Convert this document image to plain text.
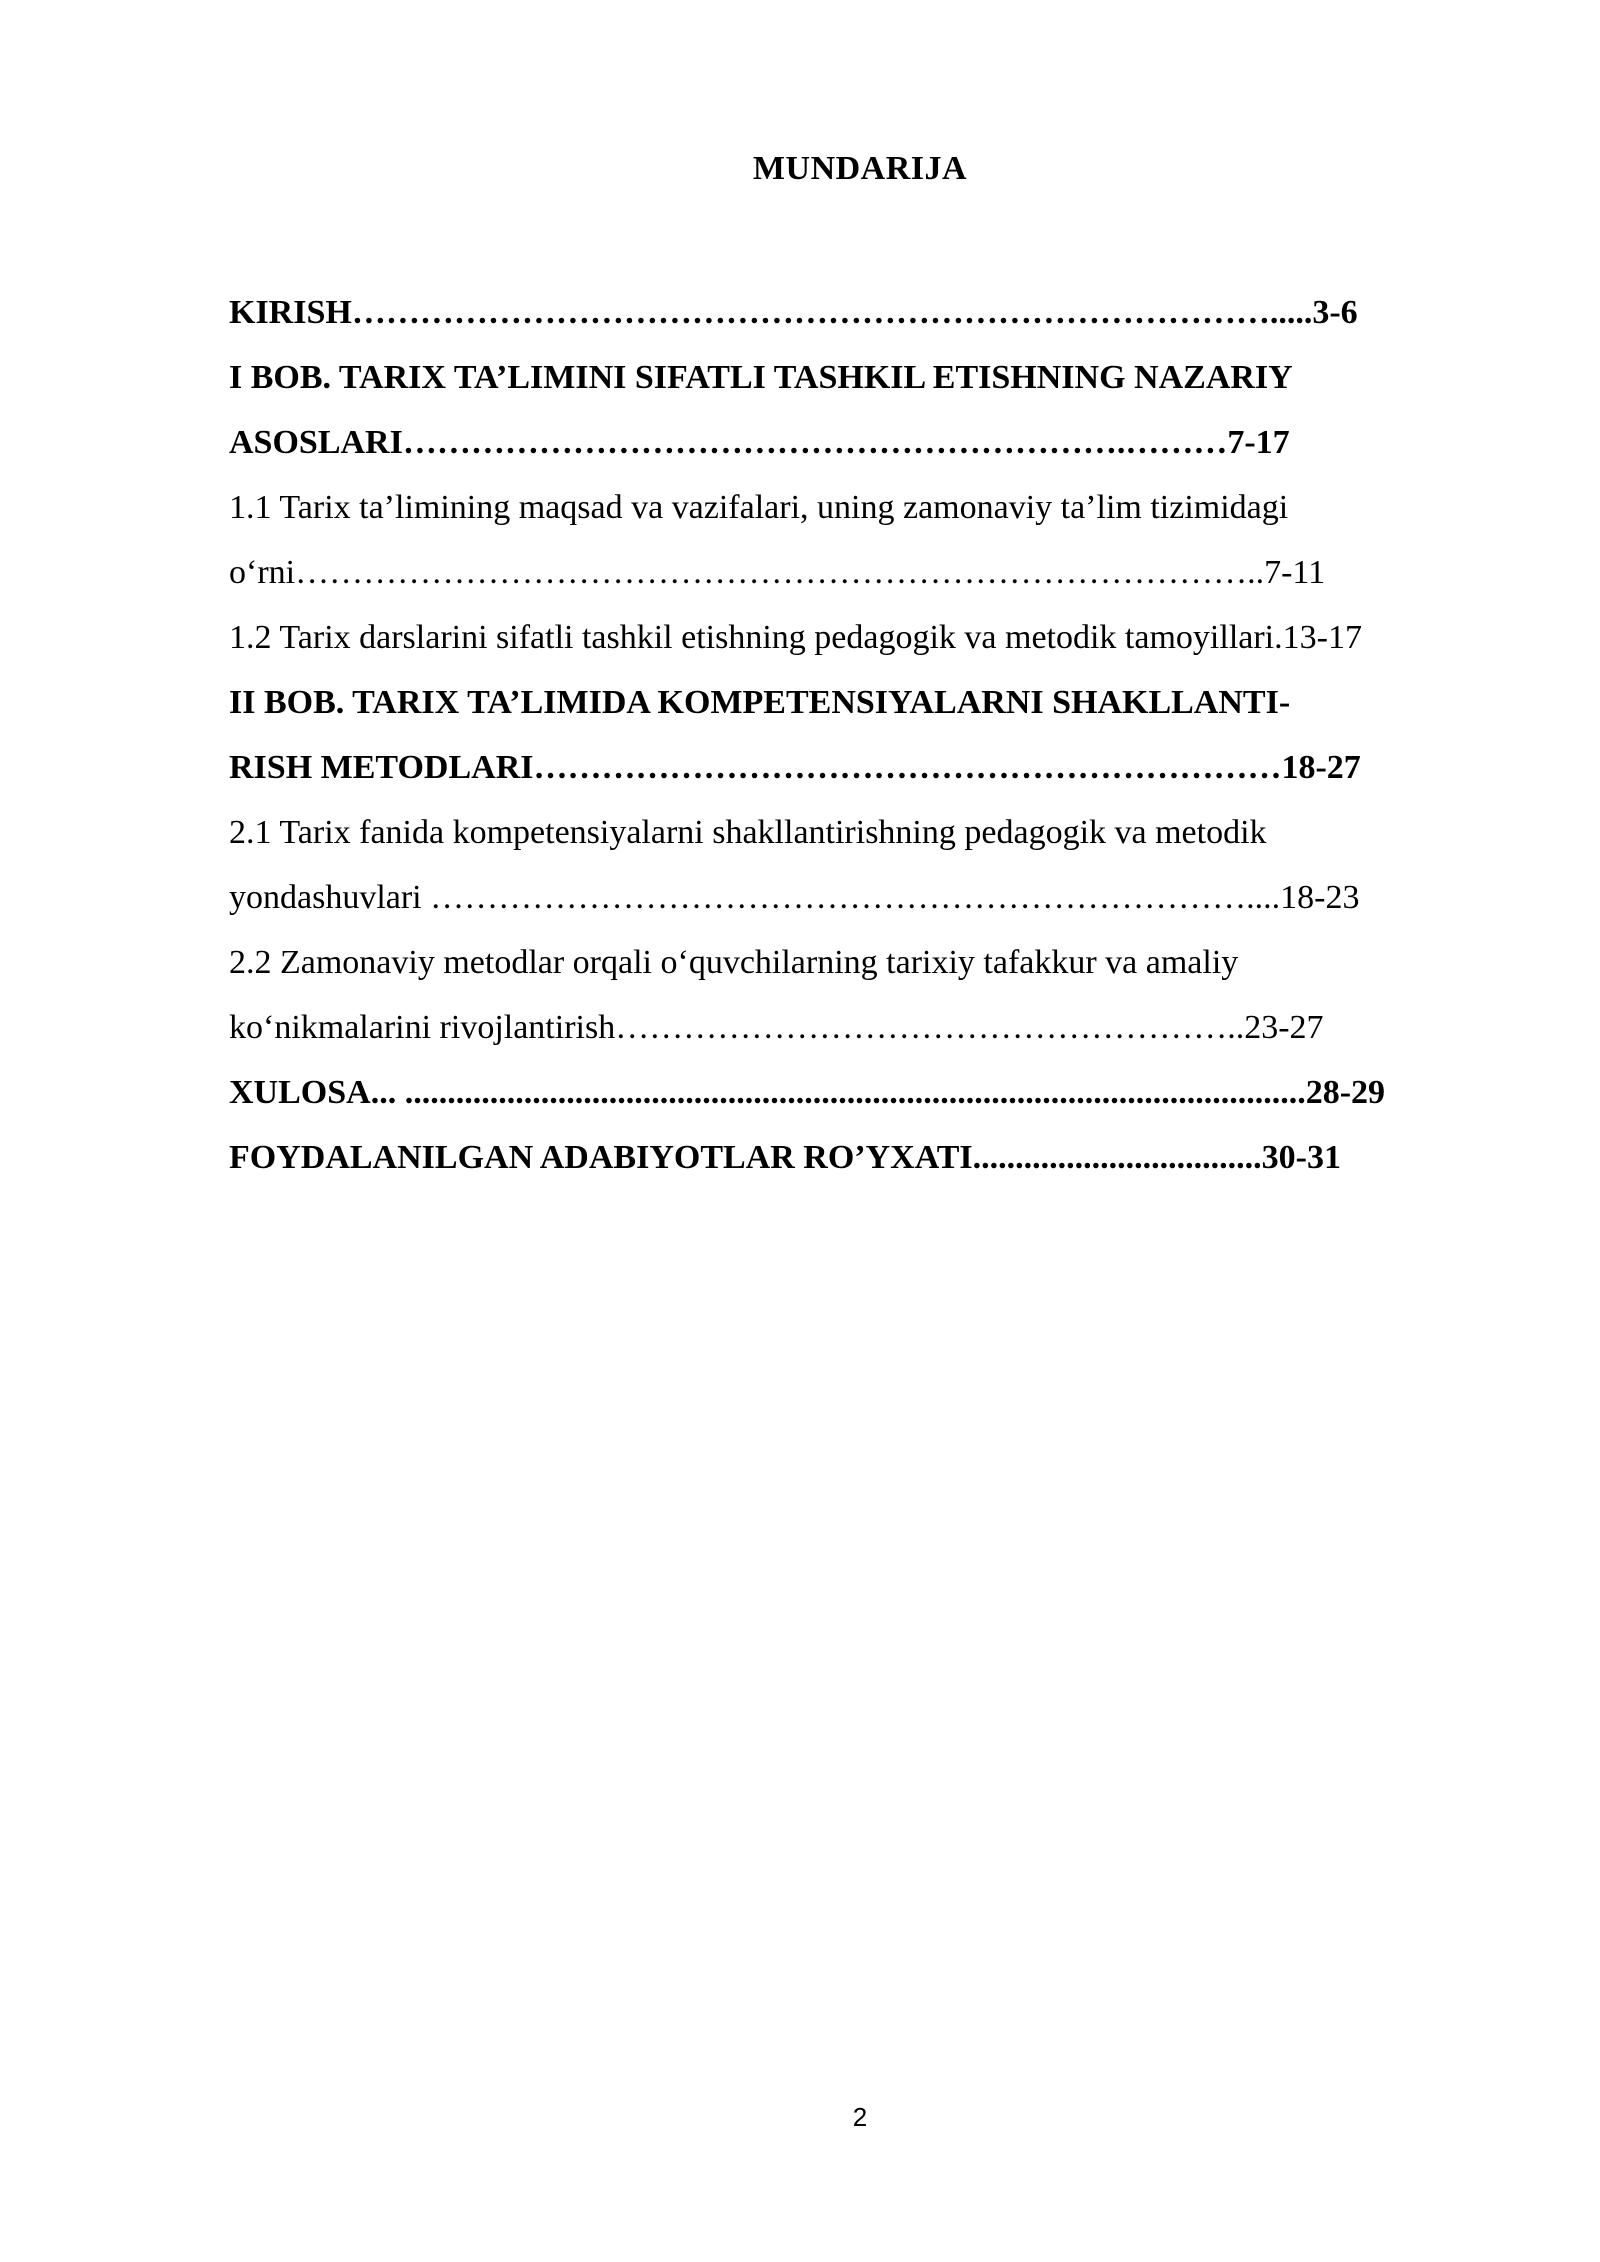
MUNDARIJA
KIRISH……………………………………………………………………….....3-6
I BOB. TARIX TA’LIMINI SIFATLI TASHKIL ETISHNING NAZARIY
ASOSLARI……………………………………………………….………7-17
1.1 Tarix ta’limining maqsad va vazifalari, uning zamonaviy ta’lim tizimidagi
o‘rni…………………………………………………………………………..7-11
1.2 Tarix darslarini sifatli tashkil etishning pedagogik va metodik tamoyillari.13-17
II BOB. TARIX TA’LIMIDA KOMPETENSIYALARNI SHAKLLANTI-
RISH METODLARI…………………………………………………………18-27
2.1 Tarix fanida kompetensiyalarni shakllantirishning pedagogik va metodik
yondashuvlari ………………………………………………………………....18-23
2.2 Zamonaviy metodlar orqali o‘quvchilarning tarixiy tafakkur va amaliy
ko‘nikmalarini rivojlantirish………………………………………………..23-27
XULOSA... ..........................................................................................................28-29
FOYDALANILGAN ADABIYOTLAR RO’YXATI..................................30-31
2
